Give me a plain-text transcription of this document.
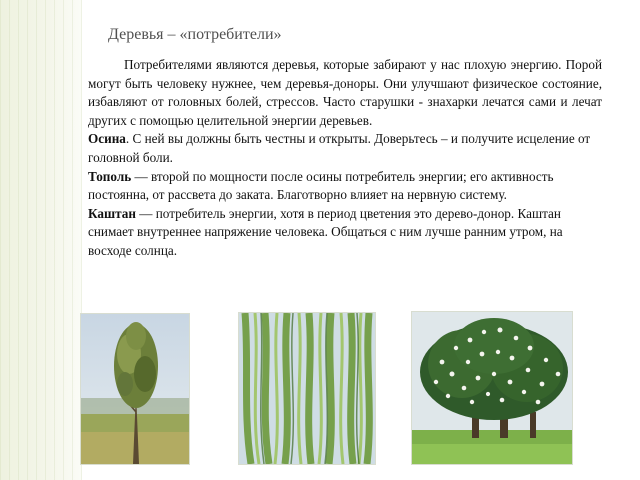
Деревья – «потребители»

Потребителями являются деревья, которые забирают у нас плохую энергию. Порой могут быть человеку нужнее, чем деревья-доноры. Они улучшают физическое состояние, избавляют от головных болей, стрессов. Часто старушки - знахарки лечатся сами и лечат других с помощью целительной энергии деревьев.

Осина. С ней вы должны быть честны и открыты. Доверьтесь – и получите исцеление от головной боли.

Тополь — второй по мощности после осины потребитель энергии; его активность постоянна, от рассвета до заката. Благотворно влияет на нервную систему.

Каштан — потребитель энергии, хотя в период цветения это дерево-донор. Каштан снимает внутреннее напряжение человека. Общаться с ним лучше ранним утром, на восходе солнца.
